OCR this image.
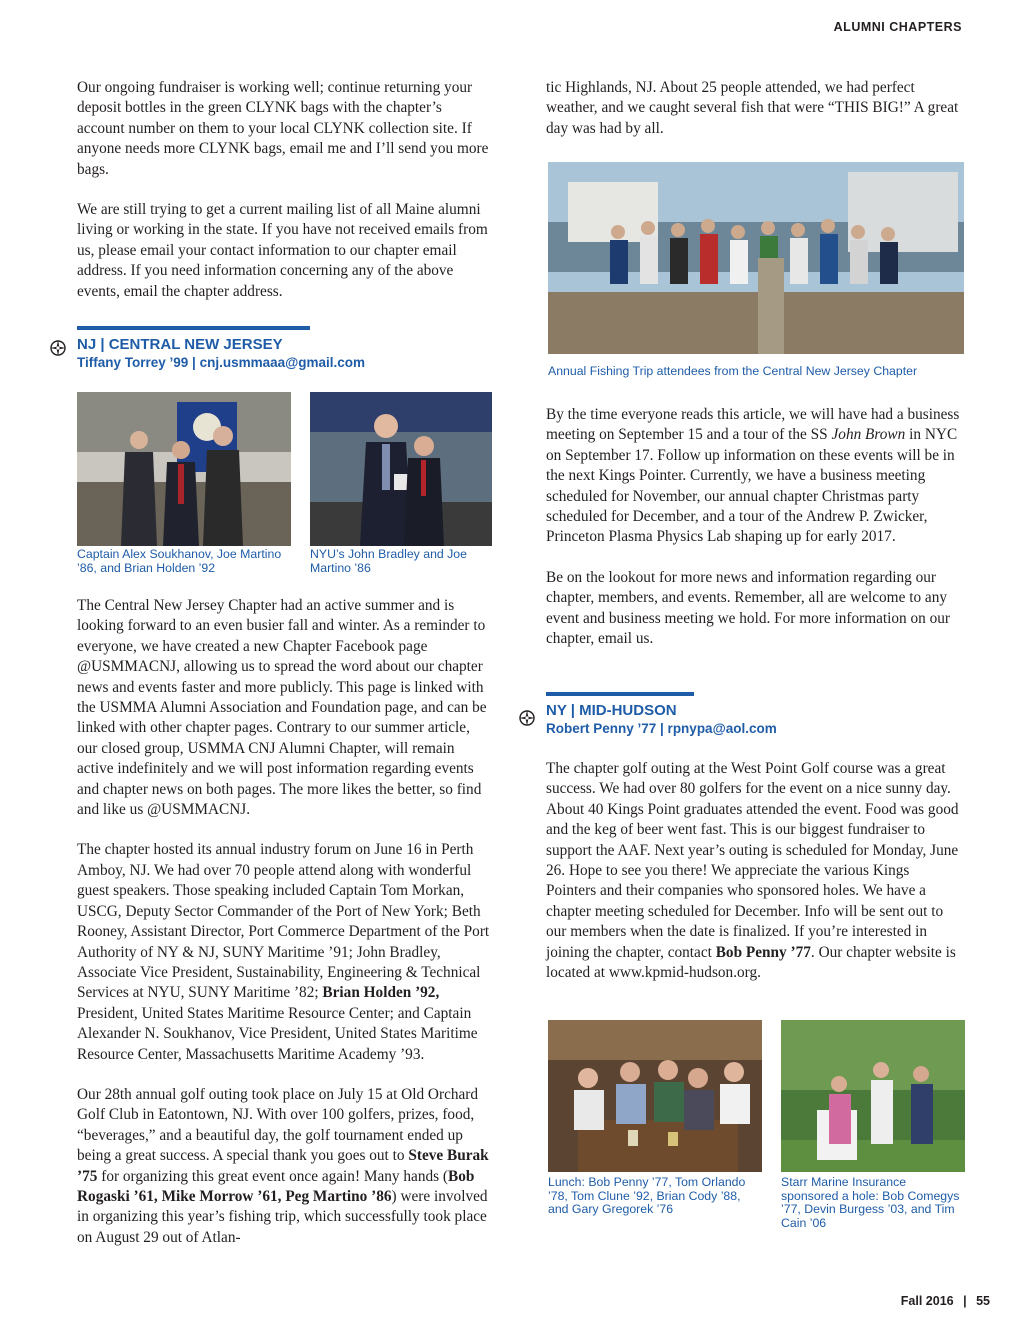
ALUMNI CHAPTERS

Our ongoing fundraiser is working well; continue returning your deposit bottles in the green CLYNK bags with the chapter’s account number on them to your local CLYNK collection site. If anyone needs more CLYNK bags, email me and I’ll send you more bags.

We are still trying to get a current mailing list of all Maine alumni living or working in the state. If you have not received emails from us, please email your contact information to our chapter email address. If you need information concerning any of the above events, email the chapter address.

NJ | CENTRAL NEW JERSEY
Tiffany Torrey ’99 | cnj.usmmaaa@gmail.com
Captain Alex Soukhanov, Joe Martino ’86, and Brian Holden ’92
NYU’s John Bradley and Joe Martino ’86

The Central New Jersey Chapter had an active summer and is looking forward to an even busier fall and winter. As a reminder to everyone, we have created a new Chapter Facebook page @USMMACNJ, allowing us to spread the word about our chapter news and events faster and more publicly. This page is linked with the USMMA Alumni Association and Foundation page, and can be linked with other chapter pages. Contrary to our summer article, our closed group, USMMA CNJ Alumni Chapter, will remain active indefinitely and we will post information regarding events and chapter news on both pages. The more likes the better, so find and like us @USMMACNJ.

The chapter hosted its annual industry forum on June 16 in Perth Amboy, NJ. We had over 70 people attend along with wonderful guest speakers. Those speaking included Captain Tom Morkan, USCG, Deputy Sector Commander of the Port of New York; Beth Rooney, Assistant Director, Port Commerce Department of the Port Authority of NY & NJ, SUNY Maritime ’91; John Bradley, Associate Vice President, Sustainability, Engineering & Technical Services at NYU, SUNY Maritime ’82; Brian Holden ’92, President, United States Maritime Resource Center; and Captain Alexander N. Soukhanov, Vice President, United States Maritime Resource Center, Massachusetts Maritime Academy ’93.

Our 28th annual golf outing took place on July 15 at Old Orchard Golf Club in Eatontown, NJ. With over 100 golfers, prizes, food, “beverages,” and a beautiful day, the golf tournament ended up being a great success. A special thank you goes out to Steve Burak ’75 for organizing this great event once again! Many hands (Bob Rogaski ’61, Mike Morrow ’61, Peg Martino ’86) were involved in organizing this year’s fishing trip, which successfully took place on August 29 out of Atlan-

tic Highlands, NJ. About 25 people attended, we had perfect weather, and we caught several fish that were “THIS BIG!” A great day was had by all.

Annual Fishing Trip attendees from the Central New Jersey Chapter

By the time everyone reads this article, we will have had a business meeting on September 15 and a tour of the SS John Brown in NYC on September 17. Follow up information on these events will be in the next Kings Pointer. Currently, we have a business meeting scheduled for November, our annual chapter Christmas party scheduled for December, and a tour of the Andrew P. Zwicker, Princeton Plasma Physics Lab shaping up for early 2017.

Be on the lookout for more news and information regarding our chapter, members, and events. Remember, all are welcome to any event and business meeting we hold. For more information on our chapter, email us.

NY | MID-HUDSON
Robert Penny ’77 | rpnypa@aol.com

The chapter golf outing at the West Point Golf course was a great success. We had over 80 golfers for the event on a nice sunny day. About 40 Kings Point graduates attended the event. Food was good and the keg of beer went fast. This is our biggest fundraiser to support the AAF. Next year’s outing is scheduled for Monday, June 26. Hope to see you there! We appreciate the various Kings Pointers and their companies who sponsored holes. We have a chapter meeting scheduled for December. Info will be sent out to our members when the date is finalized. If you’re interested in joining the chapter, contact Bob Penny ’77. Our chapter website is located at www.kpmid-hudson.org.

Lunch: Bob Penny ’77, Tom Orlando ’78, Tom Clune ’92, Brian Cody ’88, and Gary Gregorek ’76
Starr Marine Insurance sponsored a hole: Bob Comegys ’77, Devin Burgess ’03, and Tim Cain ’06
Fall 2016 | 55
